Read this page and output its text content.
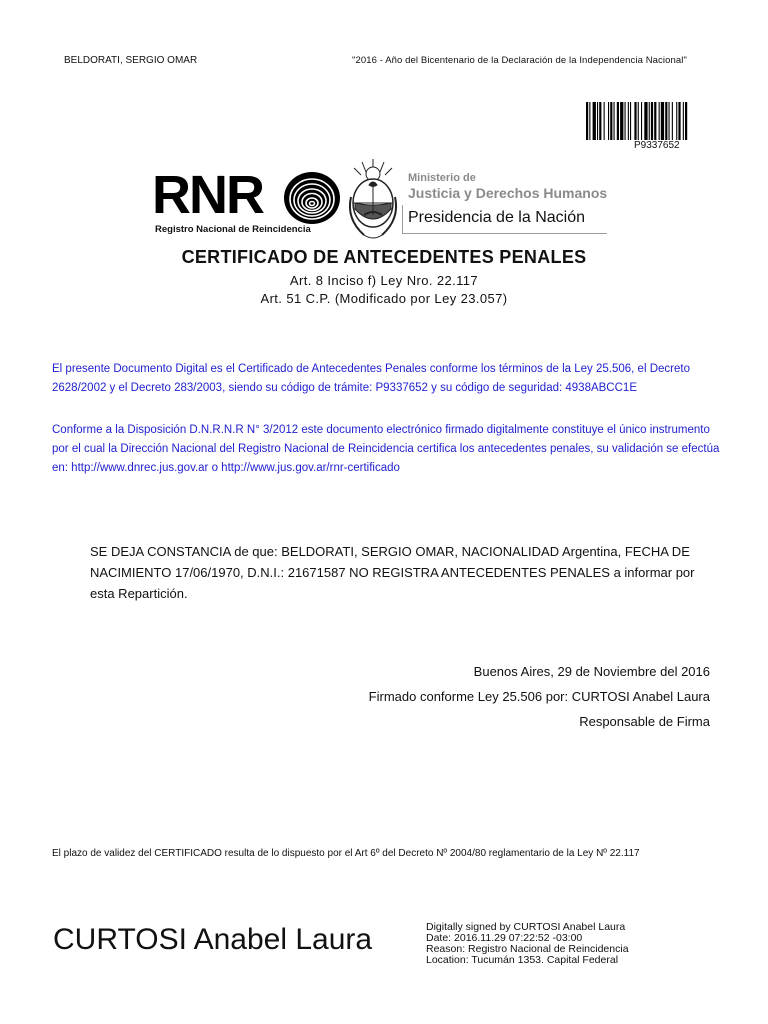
BELDORATI, SERGIO OMAR	"2016 - Año del Bicentenario de la Declaración de la Independencia Nacional"
P9337652
RNR
Registro Nacional de Reincidencia
Ministerio de
Justicia y Derechos Humanos
Presidencia de la Nación
CERTIFICADO DE ANTECEDENTES PENALES
Art. 8 Inciso f) Ley Nro. 22.117
Art. 51 C.P. (Modificado por Ley 23.057)
El presente Documento Digital es el Certificado de Antecedentes Penales conforme los términos de la Ley 25.506, el Decreto 2628/2002 y el Decreto 283/2003, siendo su código de trámite: P9337652 y su código de seguridad: 4938ABCC1E
Conforme a la Disposición D.N.R.N.R N° 3/2012 este documento electrónico firmado digitalmente constituye el único instrumento por el cual la Dirección Nacional del Registro Nacional de Reincidencia certifica los antecedentes penales, su validación se efectúa en: http://www.dnrec.jus.gov.ar o http://www.jus.gov.ar/rnr-certificado
SE DEJA CONSTANCIA de que: BELDORATI, SERGIO OMAR, NACIONALIDAD Argentina, FECHA DE NACIMIENTO 17/06/1970, D.N.I.: 21671587 NO REGISTRA ANTECEDENTES PENALES a informar por esta Repartición.
Buenos Aires, 29 de Noviembre del 2016
Firmado conforme Ley 25.506 por: CURTOSI Anabel Laura
Responsable de Firma
El plazo de validez del CERTIFICADO resulta de lo dispuesto por el Art 6º del Decreto Nº 2004/80 reglamentario de la Ley Nº 22.117
CURTOSI Anabel Laura	Digitally signed by CURTOSI Anabel Laura
Date: 2016.11.29 07:22:52 -03:00
Reason: Registro Nacional de Reincidencia
Location: Tucumán 1353. Capital Federal
